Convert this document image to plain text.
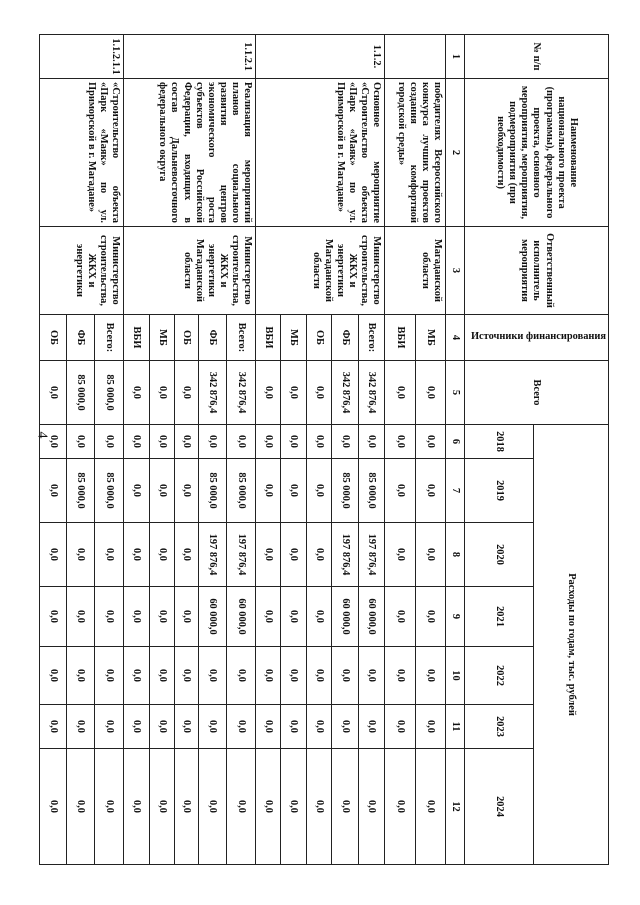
4
№ п/п	Наименование национального проекта (программы), федерального проекта, основного мероприятия, мероприятия, подмероприятия (при необходимости)	Ответственный исполнитель мероприятия	Источники финансирования	Всего	Расходы по годам, тыс. рублей						
					2018	2019	2020	2021	2022	2023	2024
1	2	3	4	5	6	7	8	9	10	11	12
	победителях Всероссийского конкурса лучших проектов создания комфортной городской среды»	Магаданской области	МБ	0,0	0,0	0,0	0,0	0,0	0,0	0,0	0,0
			ВБИ	0,0	0,0	0,0	0,0	0,0	0,0	0,0	0,0
1.1.2.	Основное мероприятие «Строительство объекта «Парк «Маяк» по ул. Приморской в г. Магадане»	Министерство строительства, ЖКХ и энергетики Магаданской области	Всего:	342 876,4	0,0	85 000,0	197 876,4	60 000,0	0,0	0,0	0,0
			ФБ	342 876,4	0,0	85 000,0	197 876,4	60 000,0	0,0	0,0	0,0
			ОБ	0,0	0,0	0,0	0,0	0,0	0,0	0,0	0,0
			МБ	0,0	0,0	0,0	0,0	0,0	0,0	0,0	0,0
			ВБИ	0,0	0,0	0,0	0,0	0,0	0,0	0,0	0,0
1.1.2.1	Реализация мероприятий планов социального развития центров экономического роста субъектов Российской Федерации, входящих в состав Дальневосточного федерального округа	Министерство строительства, ЖКХ и энергетики Магаданской области	Всего:	342 876,4	0,0	85 000,0	197 876,4	60 000,0	0,0	0,0	0,0
			ФБ	342 876,4	0,0	85 000,0	197 876,4	60 000,0	0,0	0,0	0,0
			ОБ	0,0	0,0	0,0	0,0	0,0	0,0	0,0	0,0
			МБ	0,0	0,0	0,0	0,0	0,0	0,0	0,0	0,0
			ВБИ	0,0	0,0	0,0	0,0	0,0	0,0	0,0	0,0
1.1.2.1.1	«Строительство объекта «Парк «Маяк» по ул. Приморской в г. Магадане»	Министерство строительства, ЖКХ и энергетики	Всего:	85 000,0	0,0	85 000,0	0,0	0,0	0,0	0,0	0,0
			ФБ	85 000,0	0,0	85 000,0	0,0	0,0	0,0	0,0	0,0
			ОБ	0,0	0,0	0,0	0,0	0,0	0,0	0,0	0,0
